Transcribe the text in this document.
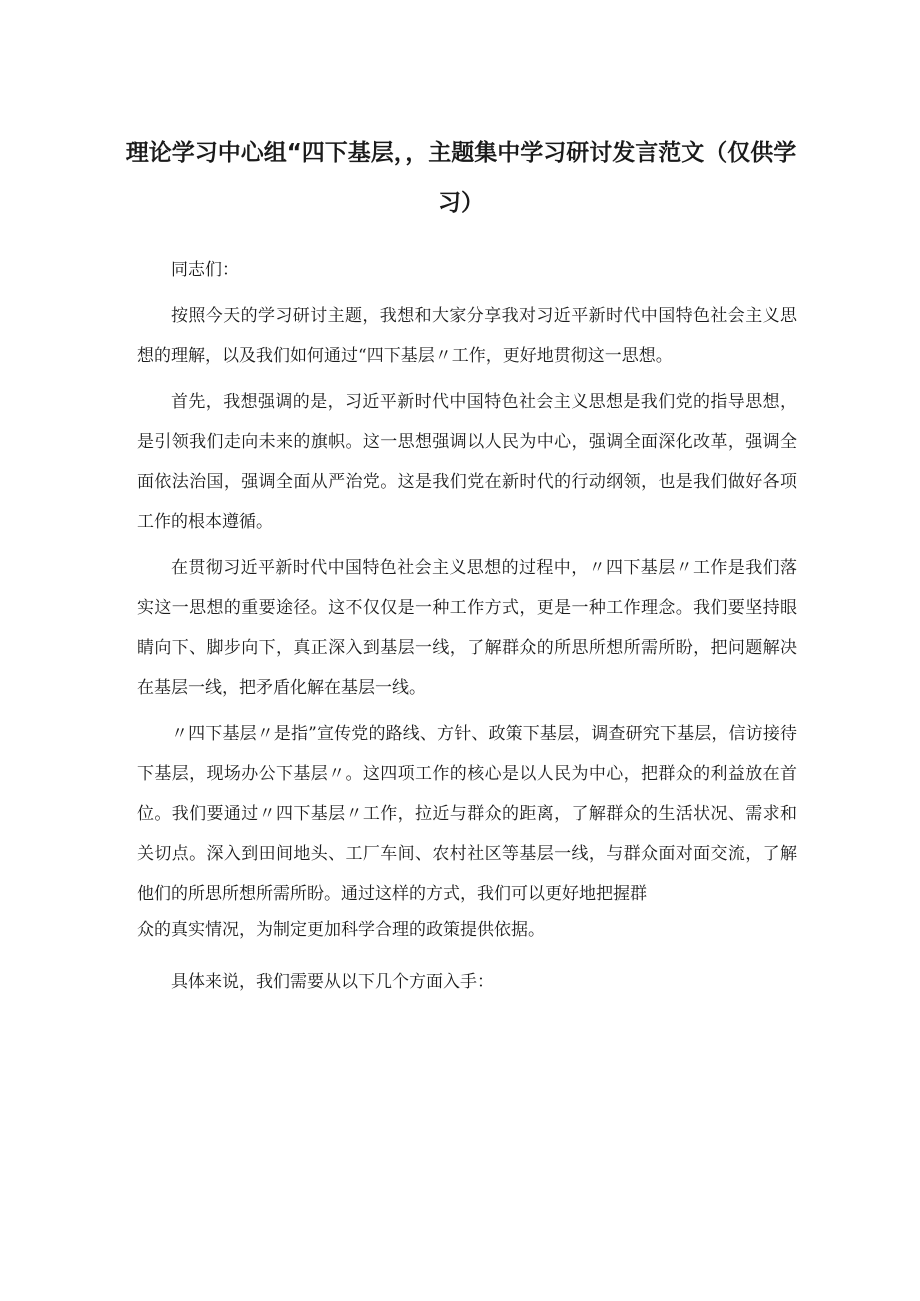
理论学习中心组“四下基层，，主题集中学习研讨发言范文（仅供学习）

同志们：

按照今天的学习研讨主题，我想和大家分享我对习近平新时代中国特色社会主义思想的理解，以及我们如何通过“四下基层〃工作，更好地贯彻这一思想。

首先，我想强调的是，习近平新时代中国特色社会主义思想是我们党的指导思想，是引领我们走向未来的旗帜。这一思想强调以人民为中心，强调全面深化改革，强调全面依法治国，强调全面从严治党。这是我们党在新时代的行动纲领，也是我们做好各项工作的根本遵循。

在贯彻习近平新时代中国特色社会主义思想的过程中，〃四下基层〃工作是我们落实这一思想的重要途径。这不仅仅是一种工作方式，更是一种工作理念。我们要坚持眼睛向下、脚步向下，真正深入到基层一线，了解群众的所思所想所需所盼，把问题解决在基层一线，把矛盾化解在基层一线。

〃四下基层〃是指”宣传党的路线、方针、政策下基层，调查研究下基层，信访接待下基层，现场办公下基层〃。这四项工作的核心是以人民为中心，把群众的利益放在首位。我们要通过〃四下基层〃工作，拉近与群众的距离，了解群众的生活状况、需求和关切点。深入到田间地头、工厂车间、农村社区等基层一线，与群众面对面交流，了解他们的所思所想所需所盼。通过这样的方式，我们可以更好地把握群

众的真实情况，为制定更加科学合理的政策提供依据。

具体来说，我们需要从以下几个方面入手：
